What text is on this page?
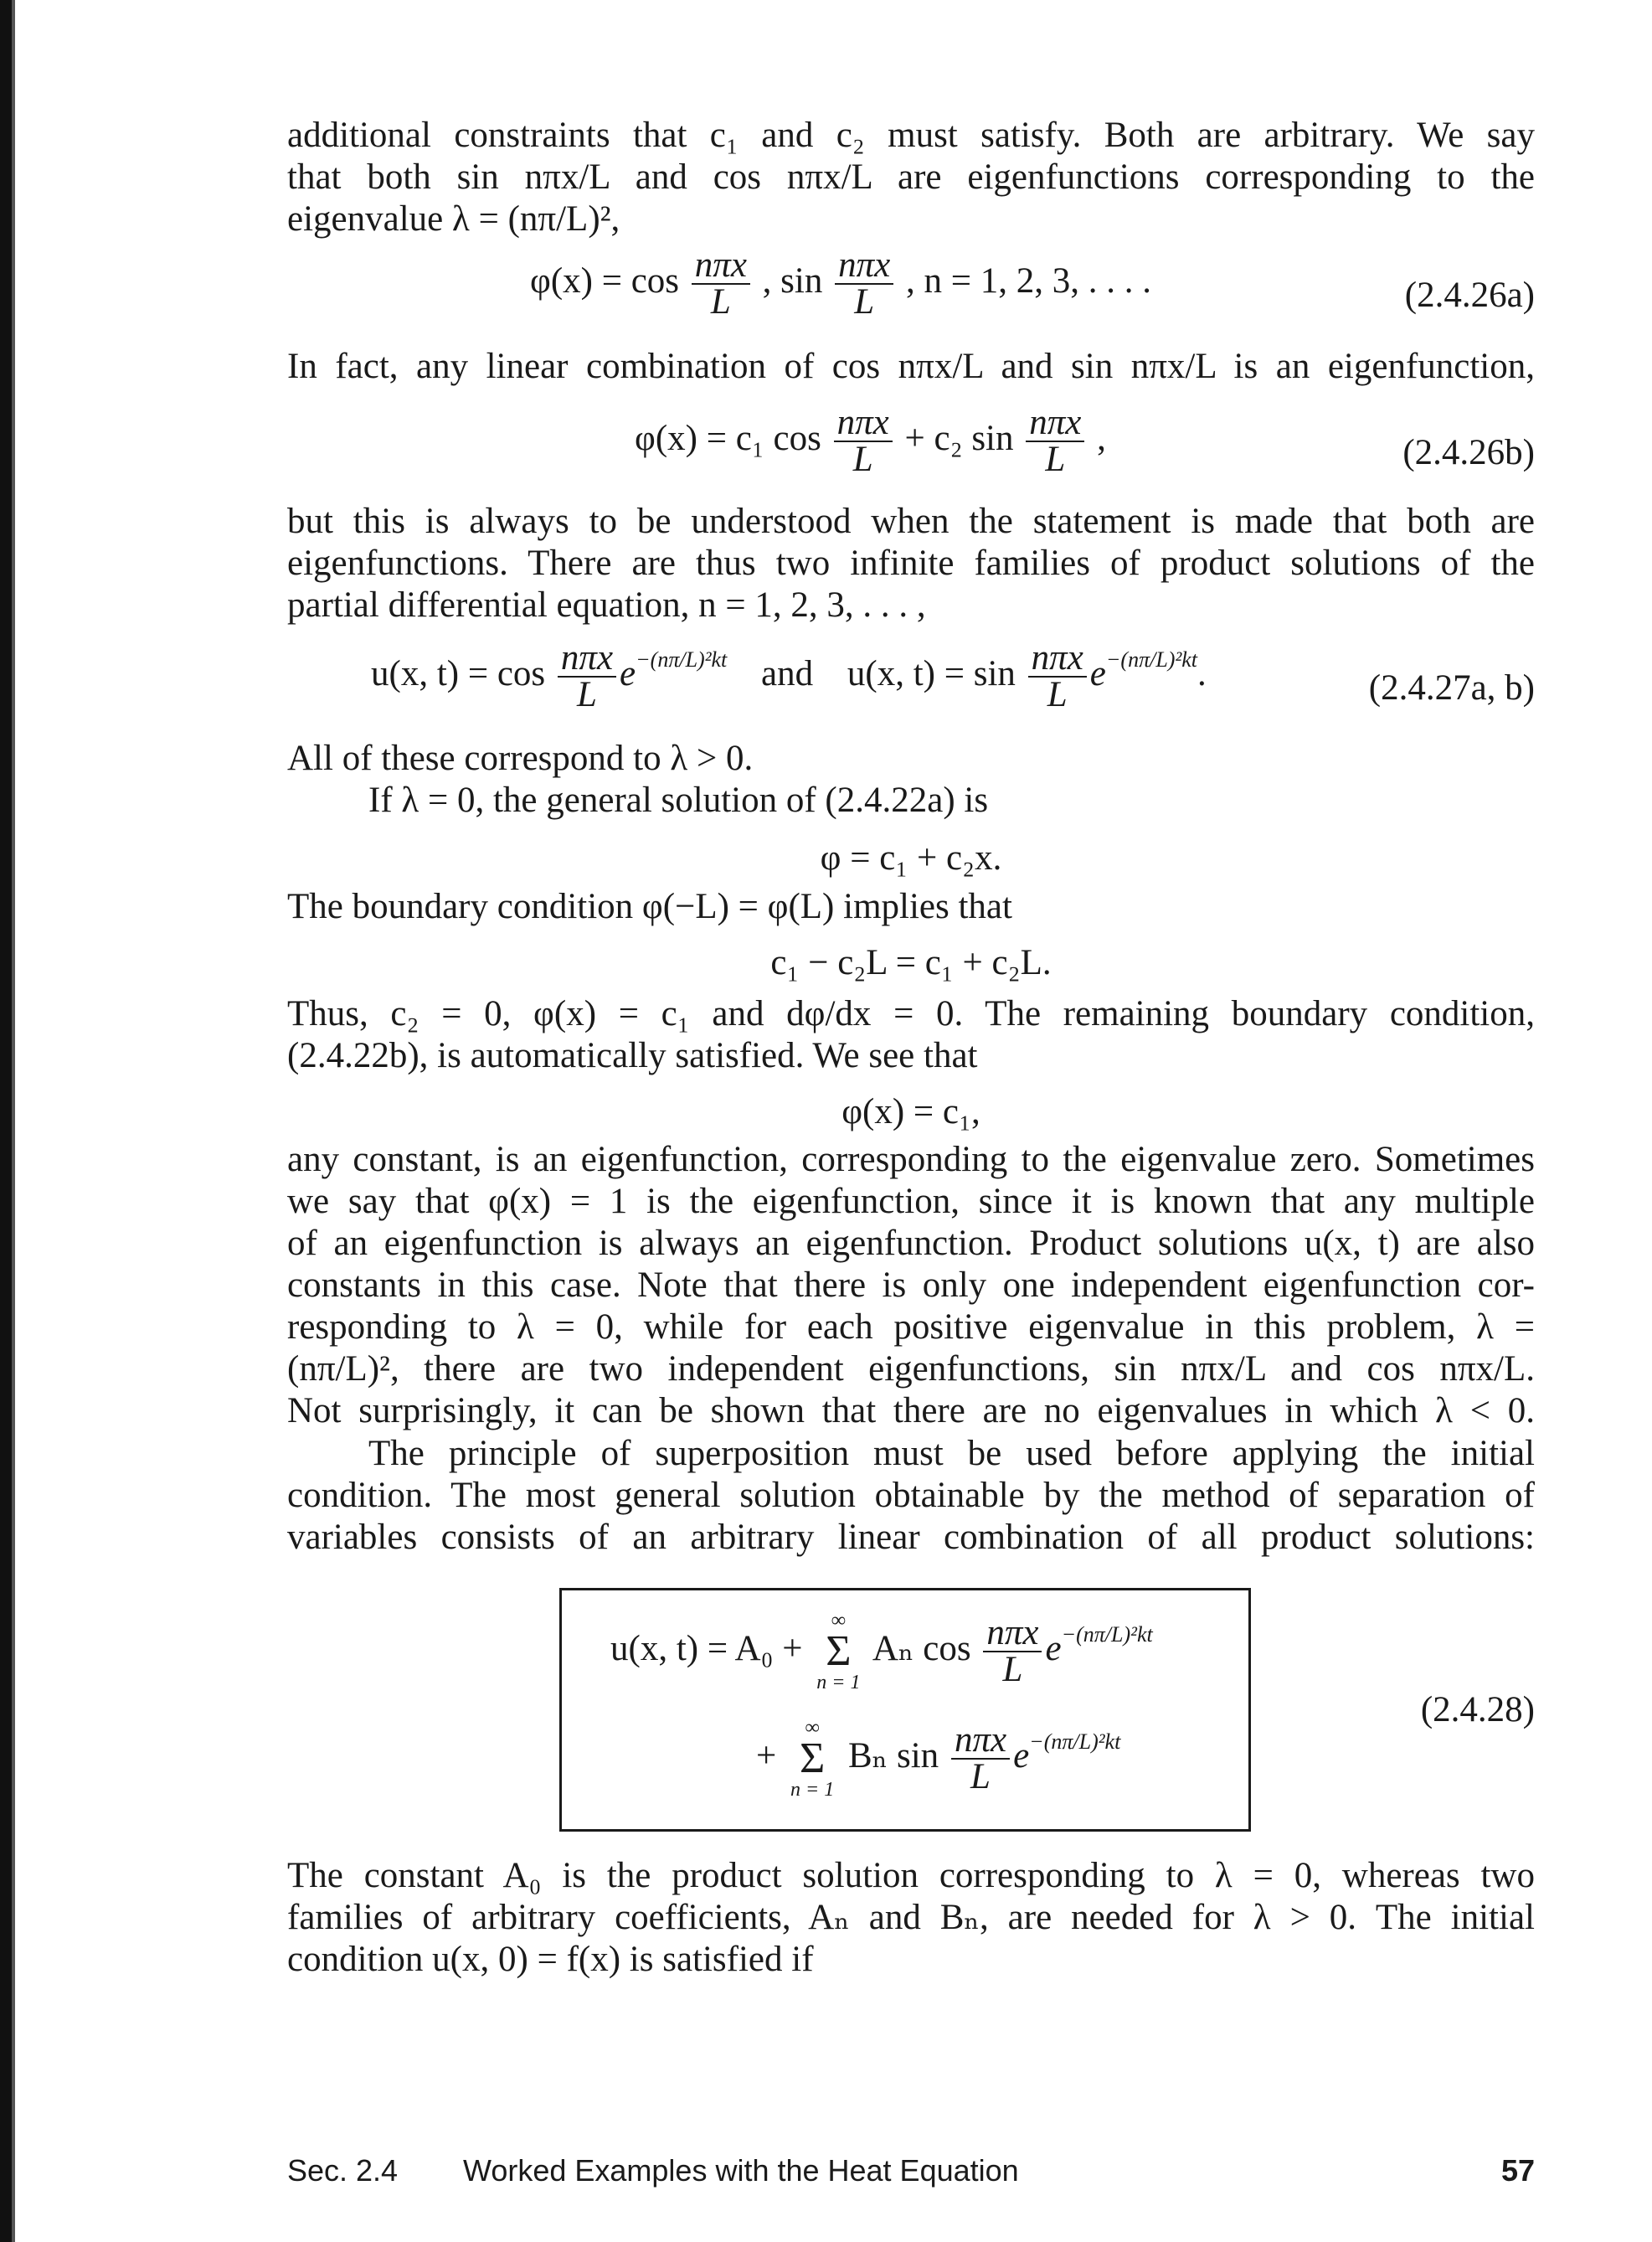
additional constraints that c₁ and c₂ must satisfy. Both are arbitrary. We say
that both sin nπx/L and cos nπx/L are eigenfunctions corresponding to the
eigenvalue λ = (nπ/L)²,
$\varphi(x) = \cos \frac{\text{nπx}}{L}$ , $\sin \frac{\text{nπx}}{L}$ , n = 1, 2, 3, . . . .	(2.4.26a)
In fact, any linear combination of cos nπx/L and sin nπx/L is an eigenfunction,
φ(x) = c₁ $\cos \frac{\text{nπx}}{L} + c_2$ $\sin \frac{\text{nπx}}{L}$ ,	(2.4.26b)
but this is always to be understood when the statement is made that both are
eigenfunctions. There are thus two infinite families of product solutions of the
partial differential equation, n = 1, 2, 3, . . . ,
u(x, $t) = \cos \frac{\text{nπx}}{L} e^{-(n\pi/L)^2kt}$ and u(x, $t) = \sin \frac{\text{nπx}}{L} e^{-(n\pi/L)^2kt}$.	(2.4.27a, b)
All of these correspond to λ > 0.
If λ = 0, the general solution of (2.4.22a) is
φ = c₁ + c₂x.
The boundary condition φ(−L) = φ(L) implies that
c₁ − c₂L = c₁ + c₂L.
Thus, c₂ = 0, φ(x) = c₁ and dφ/dx = 0. The remaining boundary condition,
(2.4.22b), is automatically satisfied. We see that
φ(x) = c₁,
any constant, is an eigenfunction, corresponding to the eigenvalue zero. Sometimes
we say that φ(x) = 1 is the eigenfunction, since it is known that any multiple
of an eigenfunction is always an eigenfunction. Product solutions u(x, t) are also
constants in this case. Note that there is only one independent eigenfunction cor-
responding to λ = 0, while for each positive eigenvalue in this problem, λ =
(nπ/L)², there are two independent eigenfunctions, sin nπx/L and cos nπx/L.
Not surprisingly, it can be shown that there are no eigenvalues in which λ < 0.
The principle of superposition must be used before applying the initial
condition. The most general solution obtainable by the method of separation of
variables consists of an arbitrary linear combination of all product solutions:
u(x, t) = A₀ +
∞
Σ
n = 1
Aₙ $\cos \frac{\text{nπx}}{L} e^{-(n\pi/L)^2kt}$
+
∞
Σ
n = 1
Bₙ $\sin \frac{\text{nπx}}{L} e^{-(n\pi/L)^2kt}$
(2.4.28)
The constant A₀ is the product solution corresponding to λ = 0, whereas two
families of arbitrary coefficients, Aₙ and Bₙ, are needed for λ > 0. The initial
condition u(x, 0) = f(x) is satisfied if
Sec. 2.4 Worked Examples with the Heat Equation	57
